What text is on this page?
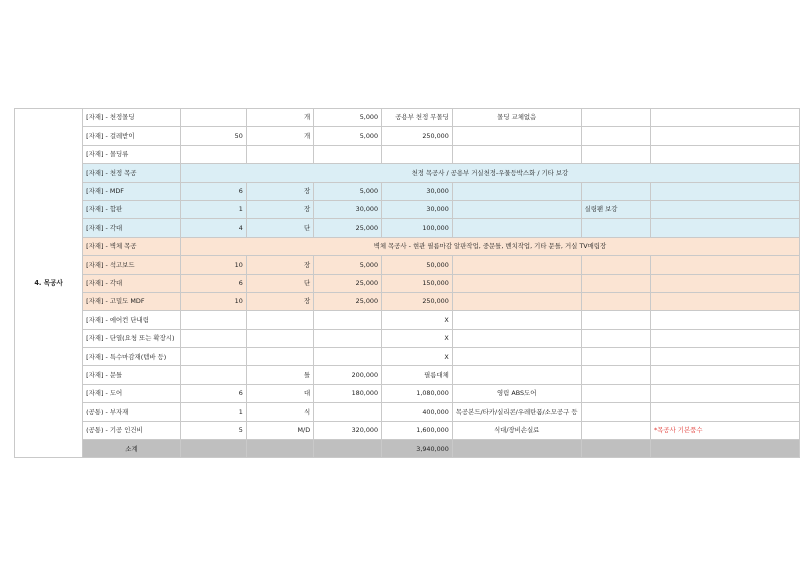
4. 목공사	[자재] - 천정몰딩		개	5,000	공용부 천정 무몰딩	몰딩 교체없음		
	[자재] - 걸레받이	50	개	5,000	250,000			
	[자재] - 몰딩류							
	[자재] - 천정 목공	천정 목공사 / 공용부 거실천정-우물등박스화 / 기타 보강						
	[자재] - MDF	6	장	5,000	30,000			
	[자재] - 합판	1	장	30,000	30,000		실링팬 보강	
	[자재] - 각대	4	단	25,000	100,000			
	[자재] - 벽체 목공	벽체 목공사 - 현관 필름마감 알판작업, 중문틀, 벤치작업, 기타 문틀, 거실 TV매립장						
	[자재] - 석고보드	10	장	5,000	50,000			
	[자재] - 각대	6	단	25,000	150,000			
	[자재] - 고밀도 MDF	10	장	25,000	250,000			
	[자재] - 에어컨 단내림				X			
	[자재] - 단열(요청 또는 확장시)				X			
	[자재] - 특수마감재(템바 등)				X			
	[자재] - 문틀		틀	200,000	필름대체			
	[자재] - 도어	6	대	180,000	1,080,000	영림 ABS도어		
	(공통) - 부자재	1	식		400,000	목공본드/타카/실리콘/우레탄폼/소모공구 등		
	(공통) - 기공 인건비	5	M/D	320,000	1,600,000	식대/장비손실료		*목공사 기본품수
	소계				3,940,000			
